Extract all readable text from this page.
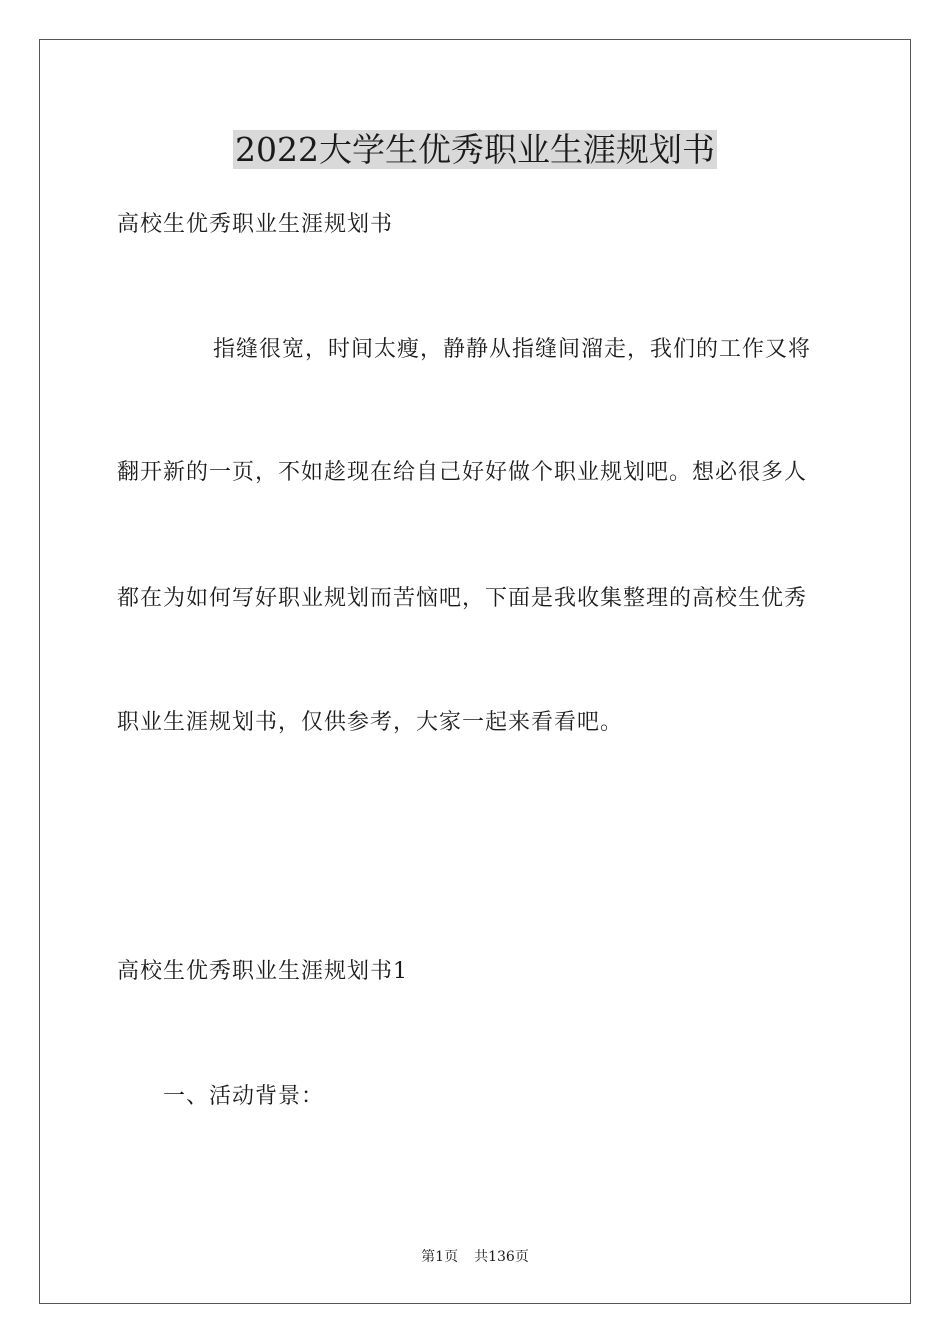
2022大学生优秀职业生涯规划书

高校生优秀职业生涯规划书

指缝很宽，时间太瘦，静静从指缝间溜走，我们的工作又将

翻开新的一页，不如趁现在给自己好好做个职业规划吧。想必很多人

都在为如何写好职业规划而苦恼吧，下面是我收集整理的高校生优秀

职业生涯规划书，仅供参考，大家一起来看看吧。

高校生优秀职业生涯规划书1

一、活动背景：

第1页 共136页
